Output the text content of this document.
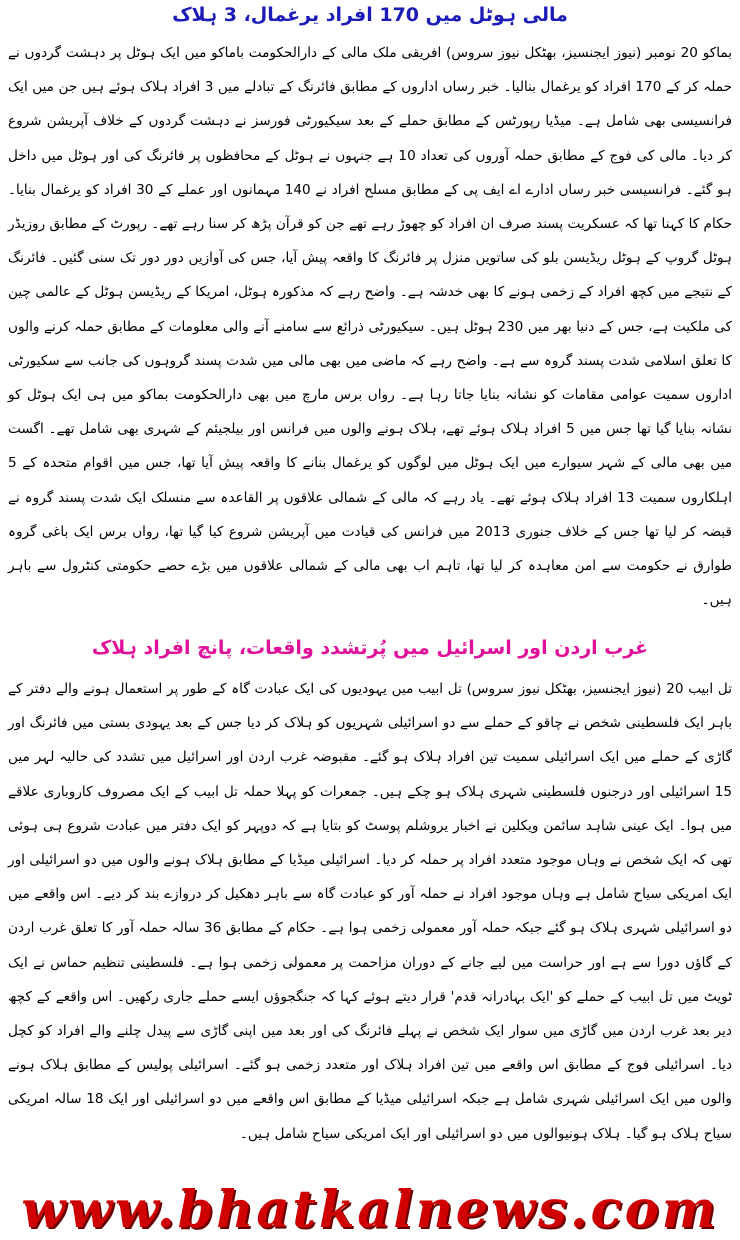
مالی ہوٹل میں 170 افراد یرغمال، 3 ہلاک

بماکو 20 نومبر (نیوز ایجنسیز، بھٹکل نیوز سروس) افریقی ملک مالی کے دارالحکومت باماکو میں ایک ہوٹل پر دہشت گردوں نے حملہ کر کے 170 افراد کو یرغمال بنالیا۔ خبر رساں اداروں کے مطابق فائرنگ کے تبادلے میں 3 افراد ہلاک ہوئے ہیں جن میں ایک فرانسیسی بھی شامل ہے۔ میڈیا رپورٹس کے مطابق حملے کے بعد سیکیورٹی فورسز نے دہشت گردوں کے خلاف آپریشن شروع کر دیا۔ مالی کی فوج کے مطابق حملہ آوروں کی تعداد 10 ہے جنہوں نے ہوٹل کے محافظوں پر فائرنگ کی اور ہوٹل میں داخل ہو گئے۔ فرانسیسی خبر رساں ادارے اے ایف پی کے مطابق مسلح افراد نے 140 مہمانوں اور عملے کے 30 افراد کو یرغمال بنایا۔ حکام کا کہنا تھا کہ عسکریت پسند صرف ان افراد کو چھوڑ رہے تھے جن کو قرآن پڑھ کر سنا رہے تھے۔ رپورٹ کے مطابق روزیڈر ہوٹل گروپ کے ہوٹل ریڈیسن بلو کی ساتویں منزل پر فائرنگ کا واقعہ پیش آیا، جس کی آوازیں دور دور تک سنی گئیں۔ فائرنگ کے نتیجے میں کچھ افراد کے زخمی ہونے کا بھی خدشہ ہے۔ واضح رہے کہ مذکورہ ہوٹل، امریکا کے ریڈیسن ہوٹل کے عالمی چین کی ملکیت ہے، جس کے دنیا بھر میں 230 ہوٹل ہیں۔ سیکیورٹی ذرائع سے سامنے آنے والی معلومات کے مطابق حملہ کرنے والوں کا تعلق اسلامی شدت پسند گروہ سے ہے۔ واضح رہے کہ ماضی میں بھی مالی میں شدت پسند گروہوں کی جانب سے سکیورٹی اداروں سمیت عوامی مقامات کو نشانہ بنایا جاتا رہا ہے۔ رواں برس مارچ میں بھی دارالحکومت بماکو میں ہی ایک ہوٹل کو نشانہ بنایا گیا تھا جس میں 5 افراد ہلاک ہوئے تھے، ہلاک ہونے والوں میں فرانس اور بیلجیئم کے شہری بھی شامل تھے۔ اگست میں بھی مالی کے شہر سیوارے میں ایک ہوٹل میں لوگوں کو یرغمال بنانے کا واقعہ پیش آیا تھا، جس میں اقوام متحدہ کے 5 اہلکاروں سمیت 13 افراد ہلاک ہوئے تھے۔ یاد رہے کہ مالی کے شمالی علاقوں پر القاعدہ سے منسلک ایک شدت پسند گروہ نے قبضہ کر لیا تھا جس کے خلاف جنوری 2013 میں فرانس کی قیادت میں آپریشن شروع کیا گیا تھا، رواں برس ایک باغی گروہ طوارق نے حکومت سے امن معاہدہ کر لیا تھا، تاہم اب بھی مالی کے شمالی علاقوں میں بڑے حصے حکومتی کنٹرول سے باہر ہیں۔

غرب اردن اور اسرائیل میں پُرتشدد واقعات، پانچ افراد ہلاک

تل ابیب 20 (نیوز ایجنسیز، بھٹکل نیوز سروس) تل ابیب میں یہودیوں کی ایک عبادت گاہ کے طور پر استعمال ہونے والے دفتر کے باہر ایک فلسطینی شخص نے چاقو کے حملے سے دو اسرائیلی شہریوں کو ہلاک کر دیا جس کے بعد یہودی بستی میں فائرنگ اور گاڑی کے حملے میں ایک اسرائیلی سمیت تین افراد ہلاک ہو گئے۔ مقبوضہ غرب اردن اور اسرائیل میں تشدد کی حالیہ لہر میں 15 اسرائیلی اور درجنوں فلسطینی شہری ہلاک ہو چکے ہیں۔ جمعرات کو پہلا حملہ تل ابیب کے ایک مصروف کاروباری علاقے میں ہوا۔ ایک عینی شاہد سائمن ویکلین نے اخبار یروشلم پوسٹ کو بتایا ہے کہ دوپہر کو ایک دفتر میں عبادت شروع ہی ہوئی تھی کہ ایک شخص نے وہاں موجود متعدد افراد پر حملہ کر دیا۔ اسرائیلی میڈیا کے مطابق ہلاک ہونے والوں میں دو اسرائیلی اور ایک امریکی سیاح شامل ہے وہاں موجود افراد نے حملہ آور کو عبادت گاہ سے باہر دھکیل کر دروازے بند کر دیے۔ اس واقعے میں دو اسرائیلی شہری ہلاک ہو گئے جبکہ حملہ آور معمولی زخمی ہوا ہے۔ حکام کے مطابق 36 سالہ حملہ آور کا تعلق غرب اردن کے گاؤں دورا سے ہے اور حراست میں لیے جانے کے دوران مزاحمت پر معمولی زخمی ہوا ہے۔ فلسطینی تنظیم حماس نے ایک ٹویٹ میں تل ابیب کے حملے کو 'ایک بہادرانہ قدم' قرار دیتے ہوئے کہا کہ جنگجوؤں ایسے حملے جاری رکھیں۔ اس واقعے کے کچھ دیر بعد غرب اردن میں گاڑی میں سوار ایک شخص نے پہلے فائرنگ کی اور بعد میں اپنی گاڑی سے پیدل چلنے والے افراد کو کچل دیا۔ اسرائیلی فوج کے مطابق اس واقعے میں تین افراد ہلاک اور متعدد زخمی ہو گئے۔ اسرائیلی پولیس کے مطابق ہلاک ہونے والوں میں ایک اسرائیلی شہری شامل ہے جبکہ اسرائیلی میڈیا کے مطابق اس واقعے میں دو اسرائیلی اور ایک 18 سالہ امریکی سیاح ہلاک ہو گیا۔ ہلاک ہونیوالوں میں دو اسرائیلی اور ایک امریکی سیاح شامل ہیں۔

www.bhatkalnews.com
